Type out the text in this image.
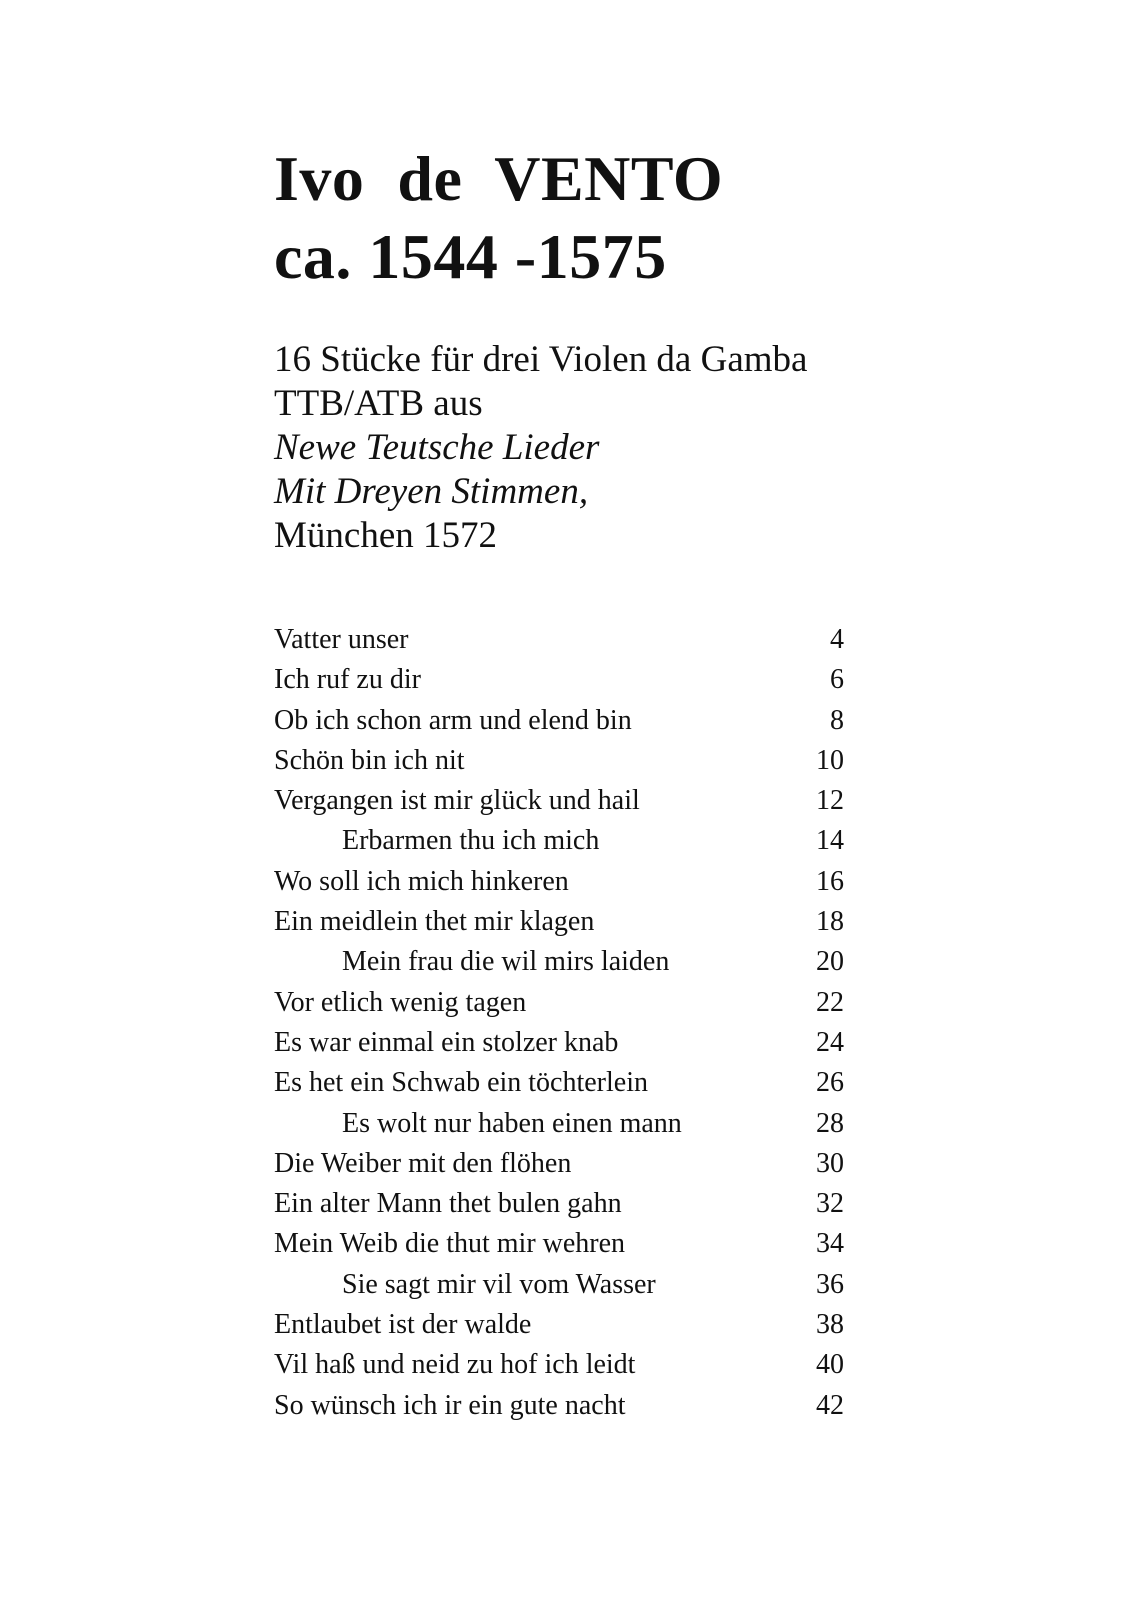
Ivo  de  VENTO
ca. 1544 -1575

16 Stücke für drei Violen da Gamba

TTB/ATB aus

Newe Teutsche Lieder

Mit Dreyen Stimmen,

München 1572

Vatter unser	4
Ich ruf zu dir	6
Ob ich schon arm und elend bin	8
Schön bin ich nit	10
Vergangen ist mir glück und hail	12
Erbarmen thu ich mich	14
Wo soll ich mich hinkeren	16
Ein meidlein thet mir klagen	18
Mein frau die wil mirs laiden	20
Vor etlich wenig tagen	22
Es war einmal ein stolzer knab	24
Es het ein Schwab ein töchterlein	26
Es wolt nur haben einen mann	28
Die Weiber mit den flöhen	30
Ein alter Mann thet bulen gahn	32
Mein Weib die thut mir wehren	34
Sie sagt mir vil vom Wasser	36
Entlaubet ist der walde	38
Vil haß und neid zu hof ich leidt	40
So wünsch ich ir ein gute nacht	42
